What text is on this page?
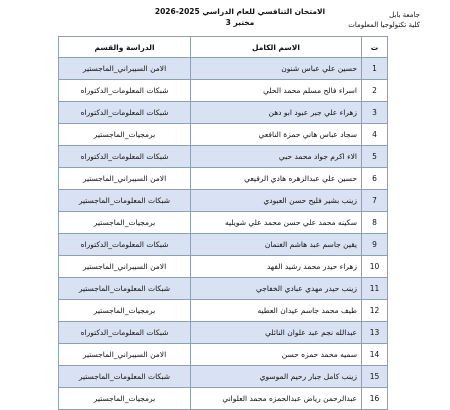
جامعة بابل
كلية تكنولوجيا المعلومات
الامتحان التنافسي للعام الدراسي 2025-2026
مختبر 3
ت	الاسم الكامل	الدراسة والقسم
1	حسين علي عباس شنون	الامن السيبراني_الماجستير
2	اسراء فالح مسلم محمد الحلي	شبكات المعلومات_الدكتوراه
3	زهراء علي جبر عبود ابو دهن	شبكات المعلومات_الدكتوراه
4	سجاد عباس هاني حمزة النافعي	برمجيات_الماجستير
5	الاء اكرم جواد محمد حبي	شبكات المعلومات_الدكتوراه
6	حسين علي عبدالزهره هادي الرفيعي	الامن السيبراني_الماجستير
7	زينب بشير فليح حسن العبودي	شبكات المعلومات_الماجستير
8	سكينه محمد علي حسن محمد علي شويليه	برمجيات_الماجستير
9	يقين جاسم عبد هاشم الغنمان	شبكات المعلومات_الدكتوراه
10	زهراء حيدر محمد رشيد الفهد	الامن السيبراني_الماجستير
11	زينب حيدر مهدي عبادي الخفاجي	شبكات المعلومات_الماجستير
12	طيف محمد جاسم عيدان العطيه	برمجيات_الماجستير
13	عبدالله نجم عبد علوان النائلي	شبكات المعلومات_الدكتوراه
14	سميه محمد حمزه حسن	الامن السيبراني_الماجستير
15	زينب كامل جبار رحيم الموسوي	شبكات المعلومات_الماجستير
16	عبدالرحمن رياض عبدالحمزه محمد العلواني	برمجيات_الماجستير
